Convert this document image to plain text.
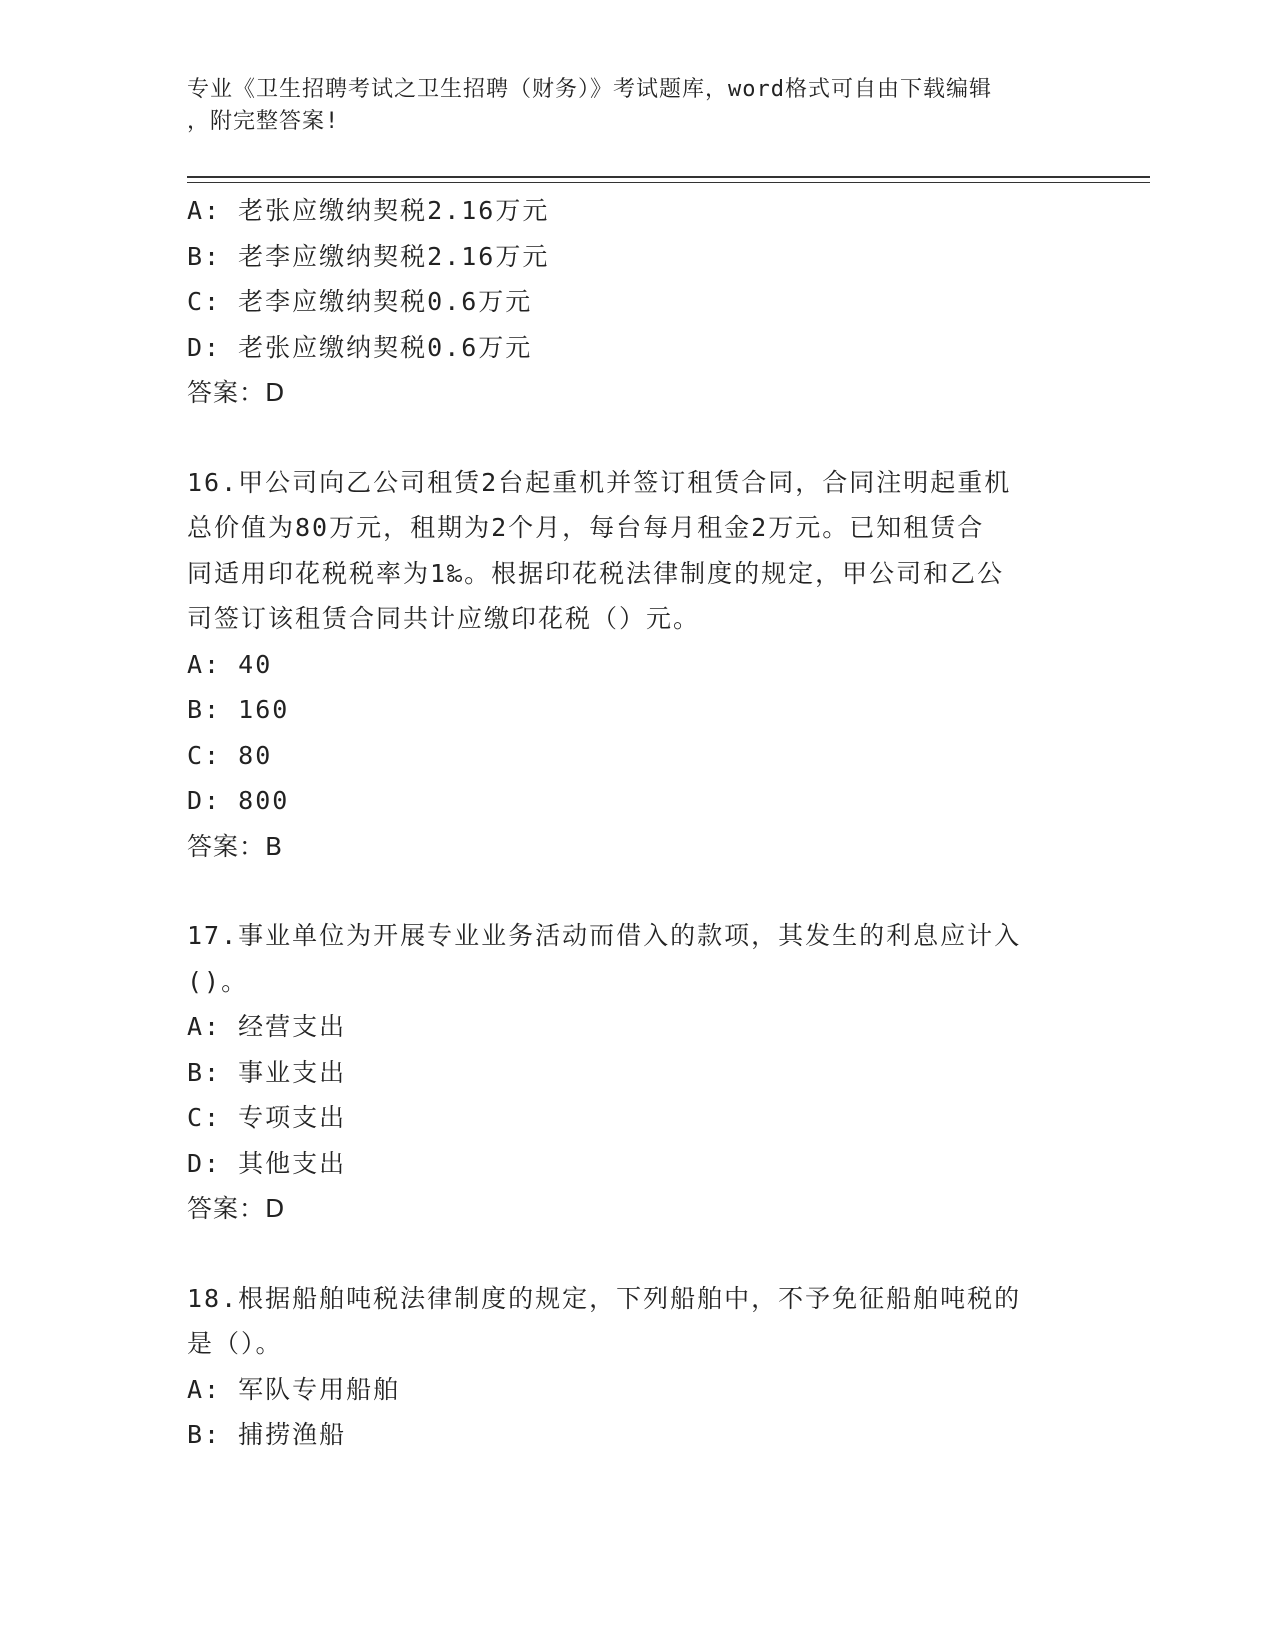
专业《卫生招聘考试之卫生招聘（财务）》考试题库，word格式可自由下载编辑
，附完整答案!
A: 老张应缴纳契税2.16万元
B: 老李应缴纳契税2.16万元
C: 老李应缴纳契税0.6万元
D: 老张应缴纳契税0.6万元
答案：D
16.甲公司向乙公司租赁2台起重机并签订租赁合同，合同注明起重机
总价值为80万元，租期为2个月，每台每月租金2万元。已知租赁合
同适用印花税税率为1‰。根据印花税法律制度的规定，甲公司和乙公
司签订该租赁合同共计应缴印花税（）元。
A: 40
B: 160
C: 80
D: 800
答案：B
17.事业单位为开展专业业务活动而借入的款项，其发生的利息应计入
()。
A: 经营支出
B: 事业支出
C: 专项支出
D: 其他支出
答案：D
18.根据船舶吨税法律制度的规定，下列船舶中，不予免征船舶吨税的
是（）。
A: 军队专用船舶
B: 捕捞渔船
